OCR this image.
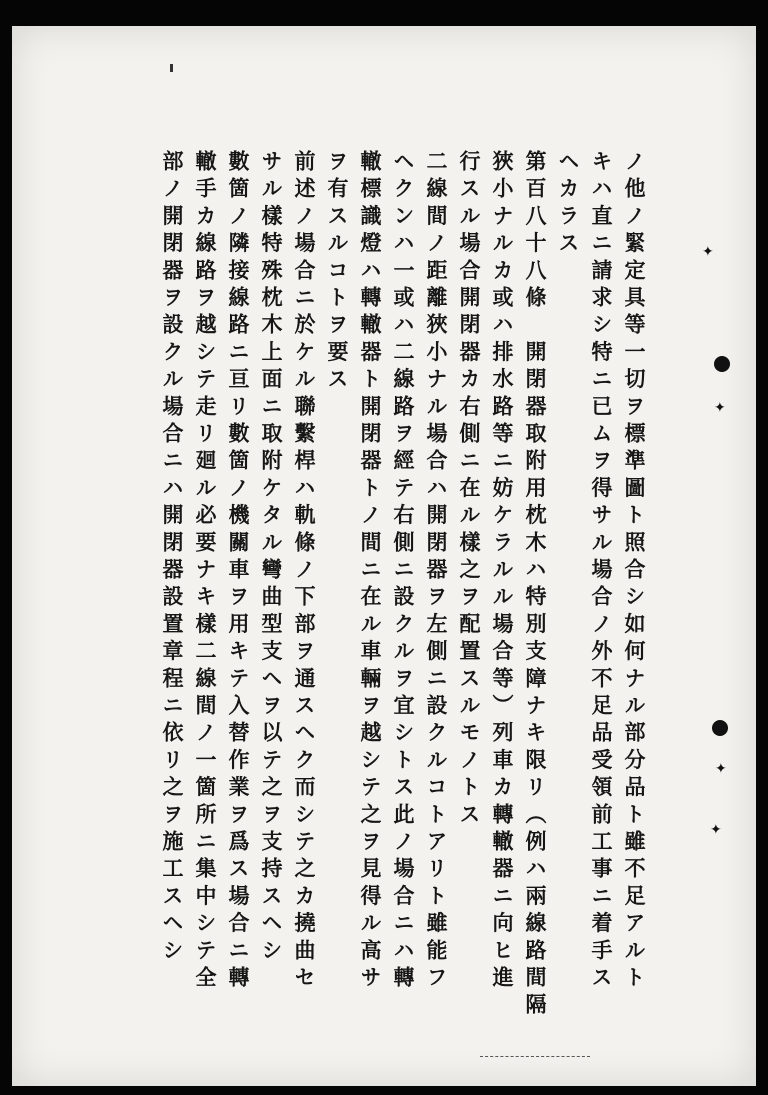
✦
✦
✦
✦
ノ他ノ緊定具等一切ヲ標準圖ト照合シ如何ナル部分品ト雖不足アルト
キハ直ニ請求シ特ニ已ムヲ得サル場合ノ外不足品受領前工事ニ着手ス
ヘカラス
第百八十八條　開閉器取附用枕木ハ特別支障ナキ限リ（例ハ兩線路間隔
狹小ナルカ或ハ排水路等ニ妨ケラルル場合等）列車カ轉轍器ニ向ヒ進
行スル場合開閉器カ右側ニ在ル樣之ヲ配置スルモノトス
二線間ノ距離狹小ナル場合ハ開閉器ヲ左側ニ設クルコトアリト雖能フ
ヘクンハ一或ハ二線路ヲ經テ右側ニ設クルヲ宜シトス此ノ場合ニハ轉
轍標識燈ハ轉轍器ト開閉器トノ間ニ在ル車輛ヲ越シテ之ヲ見得ル高サ
ヲ有スルコトヲ要ス
前述ノ場合ニ於ケル聯繫桿ハ軌條ノ下部ヲ通スヘク而シテ之カ撓曲セ
サル樣特殊枕木上面ニ取附ケタル彎曲型支ヘヲ以テ之ヲ支持スヘシ
數箇ノ隣接線路ニ亘リ數箇ノ機關車ヲ用キテ入替作業ヲ爲ス場合ニ轉
轍手カ線路ヲ越シテ走リ廻ル必要ナキ樣二線間ノ一箇所ニ集中シテ全
部ノ開閉器ヲ設クル場合ニハ開閉器設置章程ニ依リ之ヲ施工スヘシ
